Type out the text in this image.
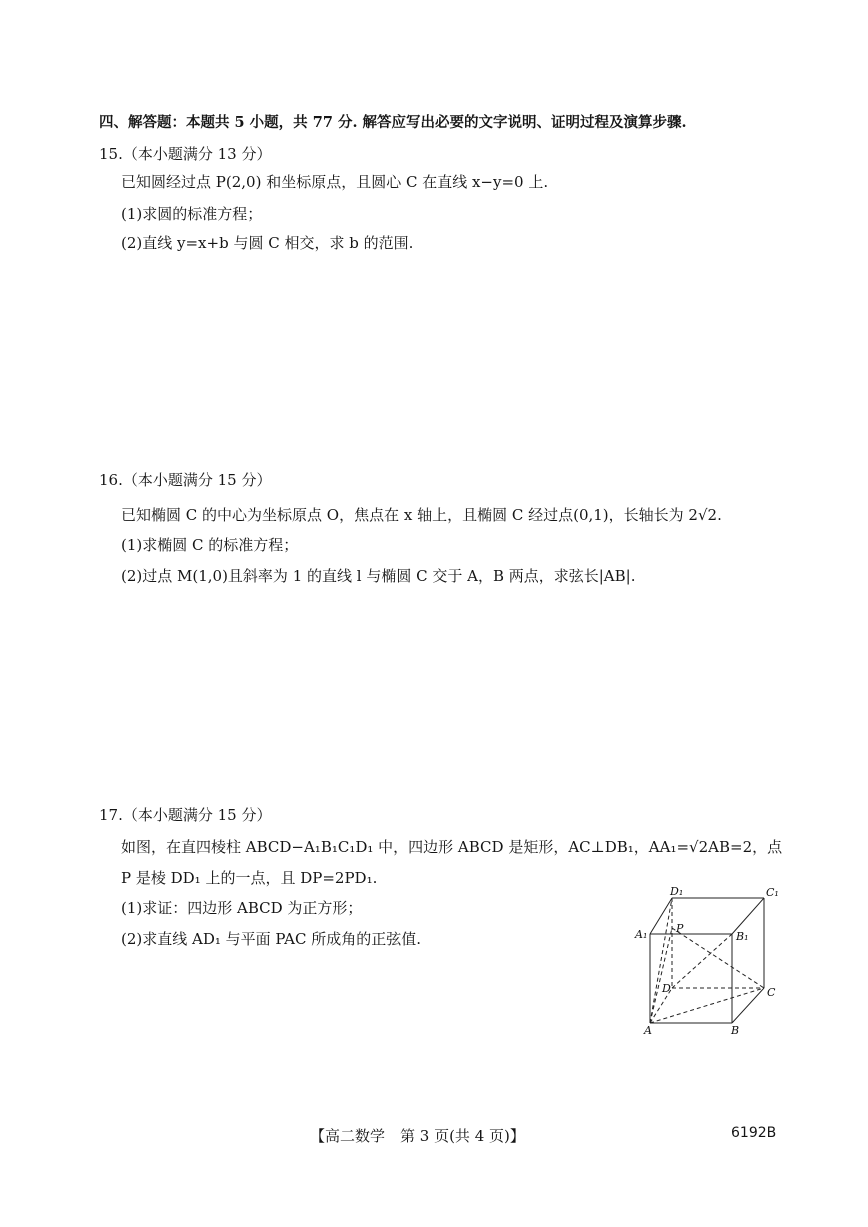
四、解答题：本题共 5 小题，共 77 分. 解答应写出必要的文字说明、证明过程及演算步骤.
15.（本小题满分 13 分）
已知圆经过点 P(2,0) 和坐标原点，且圆心 C 在直线 x−y=0 上.
(1)求圆的标准方程；
(2)直线 y=x+b 与圆 C 相交，求 b 的范围.
16.（本小题满分 15 分）
已知椭圆 C 的中心为坐标原点 O，焦点在 x 轴上，且椭圆 C 经过点(0,1)，长轴长为 2√2.
(1)求椭圆 C 的标准方程；
(2)过点 M(1,0)且斜率为 1 的直线 l 与椭圆 C 交于 A，B 两点，求弦长|AB|.
17.（本小题满分 15 分）
如图，在直四棱柱 ABCD−A₁B₁C₁D₁ 中，四边形 ABCD 是矩形，AC⊥DB₁，AA₁=√2AB=2，点
P 是棱 DD₁ 上的一点，且 DP=2PD₁.
(1)求证：四边形 ABCD 为正方形；
(2)求直线 AD₁ 与平面 PAC 所成角的正弦值.
D₁	C₁
A₁	B₁
P
D	C
A	B
【高二数学　第 3 页(共 4 页)】	6192B
